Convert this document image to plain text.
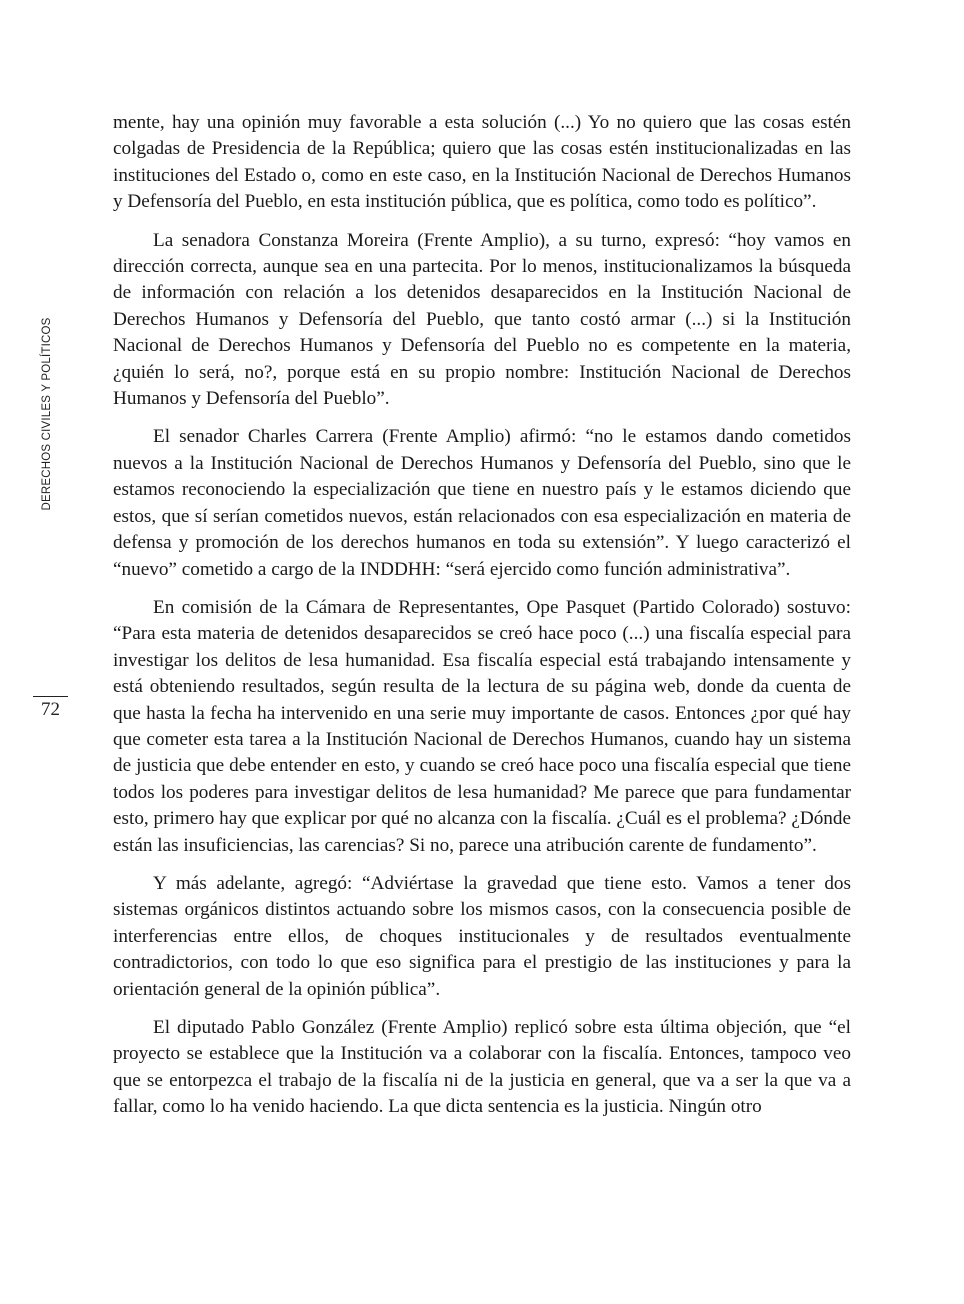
DERECHOS CIVILES Y POLÍTICOS
72

mente, hay una opinión muy favorable a esta solución (...) Yo no quiero que las cosas estén colgadas de Presidencia de la República; quiero que las cosas estén institucionalizadas en las instituciones del Estado o, como en este caso, en la Institución Nacional de Derechos Humanos y Defensoría del Pueblo, en esta institución pública, que es política, como todo es político”.

La senadora Constanza Moreira (Frente Amplio), a su turno, expresó: “hoy vamos en dirección correcta, aunque sea en una partecita. Por lo menos, institucionalizamos la búsqueda de información con relación a los detenidos desaparecidos en la Institución Nacional de Derechos Humanos y Defensoría del Pueblo, que tanto costó armar (...) si la Institución Nacional de Derechos Humanos y Defensoría del Pueblo no es competente en la materia, ¿quién lo será, no?, porque está en su propio nombre: Institución Nacional de Derechos Humanos y Defensoría del Pueblo”.

El senador Charles Carrera (Frente Amplio) afirmó: “no le estamos dando cometidos nuevos a la Institución Nacional de Derechos Humanos y Defensoría del Pueblo, sino que le estamos reconociendo la especialización que tiene en nuestro país y le estamos diciendo que estos, que sí serían cometidos nuevos, están relacionados con esa especialización en materia de defensa y promoción de los derechos humanos en toda su extensión”. Y luego caracterizó el “nuevo” cometido a cargo de la INDDHH: “será ejercido como función administrativa”.

En comisión de la Cámara de Representantes, Ope Pasquet (Partido Colorado) sostuvo: “Para esta materia de detenidos desaparecidos se creó hace poco (...) una fiscalía especial para investigar los delitos de lesa humanidad. Esa fiscalía especial está trabajando intensamente y está obteniendo resultados, según resulta de la lectura de su página web, donde da cuenta de que hasta la fecha ha intervenido en una serie muy importante de casos. Entonces ¿por qué hay que cometer esta tarea a la Institución Nacional de Derechos Humanos, cuando hay un sistema de justicia que debe entender en esto, y cuando se creó hace poco una fiscalía especial que tiene todos los poderes para investigar delitos de lesa humanidad? Me parece que para fundamentar esto, primero hay que explicar por qué no alcanza con la fiscalía. ¿Cuál es el problema? ¿Dónde están las insuficiencias, las carencias? Si no, parece una atribución carente de fundamento”.

Y más adelante, agregó: “Adviértase la gravedad que tiene esto. Vamos a tener dos sistemas orgánicos distintos actuando sobre los mismos casos, con la consecuencia posible de interferencias entre ellos, de choques institucionales y de resultados eventualmente contradictorios, con todo lo que eso significa para el prestigio de las instituciones y para la orientación general de la opinión pública”.

El diputado Pablo González (Frente Amplio) replicó sobre esta última objeción, que “el proyecto se establece que la Institución va a colaborar con la fiscalía. Entonces, tampoco veo que se entorpezca el trabajo de la fiscalía ni de la justicia en general, que va a ser la que va a fallar, como lo ha venido haciendo. La que dicta sentencia es la justicia. Ningún otro
